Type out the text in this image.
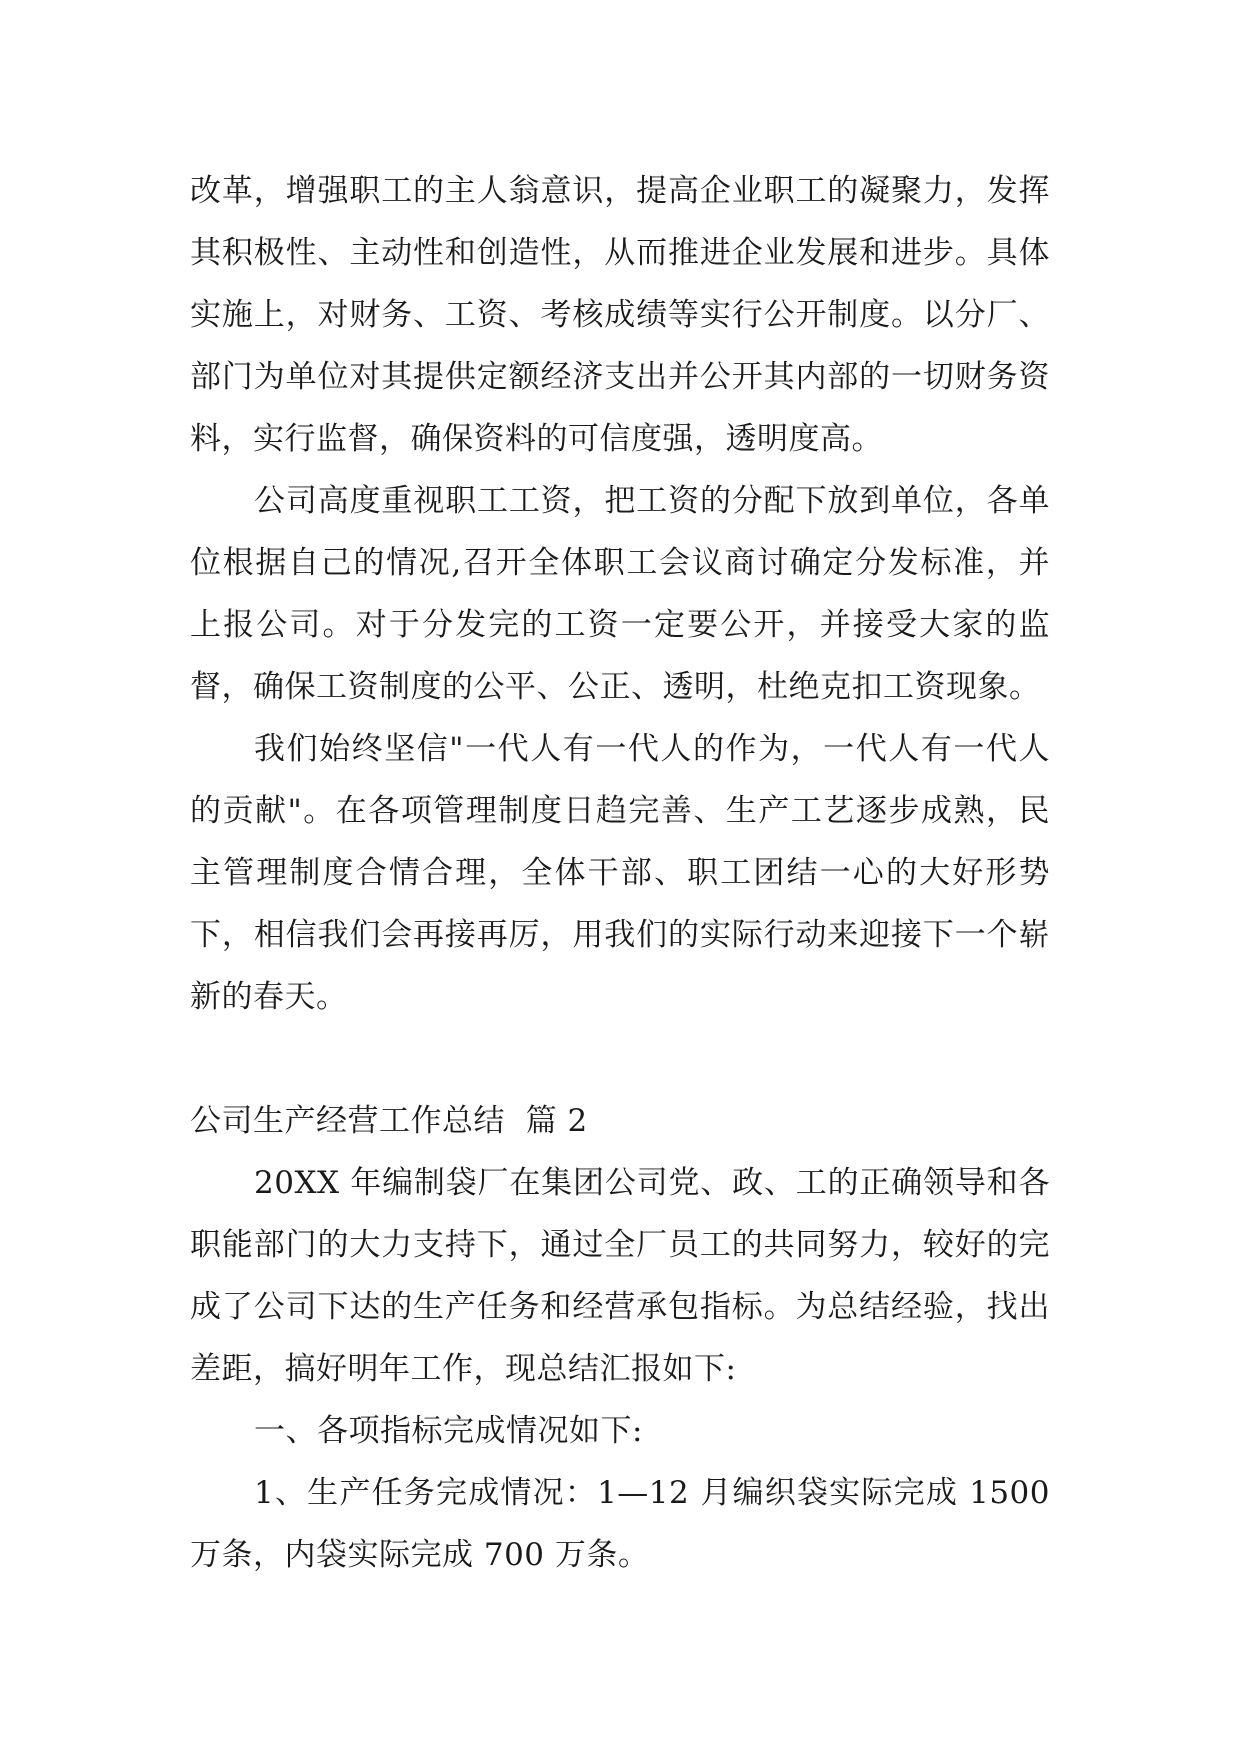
改革，增强职工的主人翁意识，提高企业职工的凝聚力，发挥其积极性、主动性和创造性，从而推进企业发展和进步。具体实施上，对财务、工资、考核成绩等实行公开制度。以分厂、部门为单位对其提供定额经济支出并公开其内部的一切财务资料，实行监督，确保资料的可信度强，透明度高。

公司高度重视职工工资，把工资的分配下放到单位，各单位根据自己的情况,召开全体职工会议商讨确定分发标准，并上报公司。对于分发完的工资一定要公开，并接受大家的监督，确保工资制度的公平、公正、透明，杜绝克扣工资现象。

我们始终坚信"一代人有一代人的作为，一代人有一代人的贡献"。在各项管理制度日趋完善、生产工艺逐步成熟，民主管理制度合情合理，全体干部、职工团结一心的大好形势下，相信我们会再接再厉，用我们的实际行动来迎接下一个崭新的春天。

公司生产经营工作总结  篇 2

20XX 年编制袋厂在集团公司党、政、工的正确领导和各职能部门的大力支持下，通过全厂员工的共同努力，较好的完成了公司下达的生产任务和经营承包指标。为总结经验，找出差距，搞好明年工作，现总结汇报如下:

一、各项指标完成情况如下:

1、生产任务完成情况：1—12 月编织袋实际完成 1500 万条，内袋实际完成 700 万条。
